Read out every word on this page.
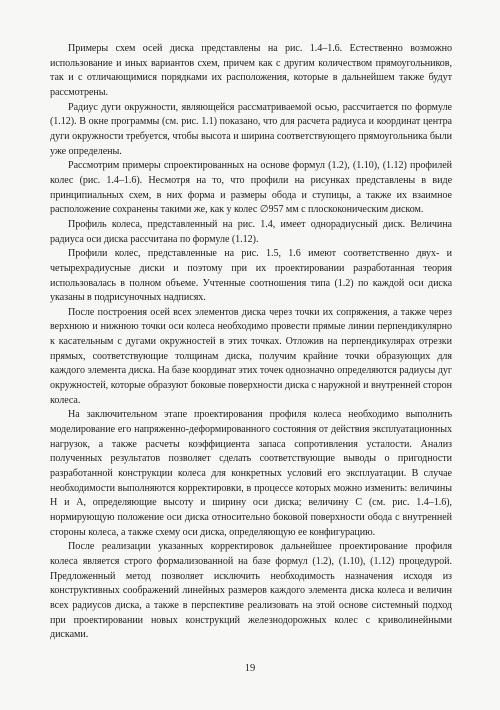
Примеры схем осей диска представлены на рис. 1.4–1.6. Естественно возможно использование и иных вариантов схем, причем как с другим количеством прямоугольников, так и с отличающимися порядками их расположения, которые в дальнейшем также будут рассмотрены.

Радиус дуги окружности, являющейся рассматриваемой осью, рассчитается по формуле (1.12). В окне программы (см. рис. 1.1) показано, что для расчета радиуса и координат центра дуги окружности требуется, чтобы высота и ширина соответствующего прямоугольника были уже определены.

Рассмотрим примеры спроектированных на основе формул (1.2), (1.10), (1.12) профилей колес (рис. 1.4–1.6). Несмотря на то, что профили на рисунках представлены в виде принципиальных схем, в них форма и размеры обода и ступицы, а также их взаимное расположение сохранены такими же, как у колес ∅957 мм с плоскоконическим диском.

Профиль колеса, представленный на рис. 1.4, имеет однорадиусный диск. Величина радиуса оси диска рассчитана по формуле (1.12).

Профили колес, представленные на рис. 1.5, 1.6 имеют соответственно двух- и четырехрадиусные диски и поэтому при их проектировании разработанная теория использовалась в полном объеме. Учтенные соотношения типа (1.2) по каждой оси диска указаны в подрисуночных надписях.

После построения осей всех элементов диска через точки их сопряжения, а также через верхнюю и нижнюю точки оси колеса необходимо провести прямые линии перпендикулярно к касательным с дугами окружностей в этих точках. Отложив на перпендикулярах отрезки прямых, соответствующие толщинам диска, получим крайние точки образующих для каждого элемента диска. На базе координат этих точек однозначно определяются радиусы дуг окружностей, которые образуют боковые поверхности диска с наружной и внутренней сторон колеса.

На заключительном этапе проектирования профиля колеса необходимо выполнить моделирование его напряженно-деформированного состояния от действия эксплуатационных нагрузок, а также расчеты коэффициента запаса сопротивления усталости. Анализ полученных результатов позволяет сделать соответствующие выводы о пригодности разработанной конструкции колеса для конкретных условий его эксплуатации. В случае необходимости выполняются корректировки, в процессе которых можно изменить: величины H и A, определяющие высоту и ширину оси диска; величину C (см. рис. 1.4–1.6), нормирующую положение оси диска относительно боковой поверхности обода с внутренней стороны колеса, а также схему оси диска, определяющую ее конфигурацию.

После реализации указанных корректировок дальнейшее проектирование профиля колеса является строго формализованной на базе формул (1.2), (1.10), (1.12) процедурой. Предложенный метод позволяет исключить необходимость назначения исходя из конструктивных соображений линейных размеров каждого элемента диска колеса и величин всех радиусов диска, а также в перспективе реализовать на этой основе системный подход при проектировании новых конструкций железнодорожных колес с криволинейными дисками.

19
